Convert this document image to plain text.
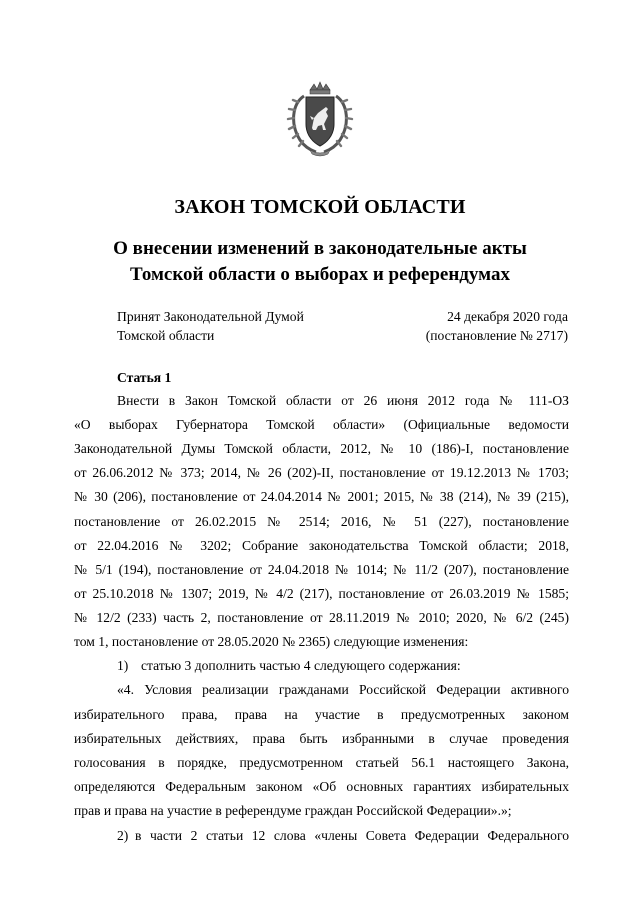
ЗАКОН ТОМСКОЙ ОБЛАСТИ
О внесении изменений в законодательные акты
Томской области о выборах и референдумах
Принят Законодательной Думой
Томской области
24 декабря 2020 года
(постановление № 2717)
Статья 1
Внести в Закон Томской области от 26 июня 2012 года № 111-ОЗ
«О выборах Губернатора Томской области» (Официальные ведомости
Законодательной Думы Томской области, 2012, № 10 (186)-I, постановление
от 26.06.2012 № 373; 2014, № 26 (202)-II, постановление от 19.12.2013 № 1703;
№ 30 (206), постановление от 24.04.2014 № 2001; 2015, № 38 (214), № 39 (215),
постановление от 26.02.2015 № 2514; 2016, № 51 (227), постановление
от 22.04.2016 № 3202; Собрание законодательства Томской области; 2018,
№ 5/1 (194), постановление от 24.04.2018 № 1014; № 11/2 (207), постановление
от 25.10.2018 № 1307; 2019, № 4/2 (217), постановление от 26.03.2019 № 1585;
№ 12/2 (233) часть 2, постановление от 28.11.2019 № 2010; 2020, № 6/2 (245)
том 1, постановление от 28.05.2020 № 2365) следующие изменения:
1) статью 3 дополнить частью 4 следующего содержания:
«4. Условия реализации гражданами Российской Федерации активного
избирательного права, права на участие в предусмотренных законом
избирательных действиях, права быть избранными в случае проведения
голосования в порядке, предусмотренном статьей 56.1 настоящего Закона,
определяются Федеральным законом «Об основных гарантиях избирательных
прав и права на участие в референдуме граждан Российской Федерации».»;
2) в части 2 статьи 12 слова «члены Совета Федерации Федерального
